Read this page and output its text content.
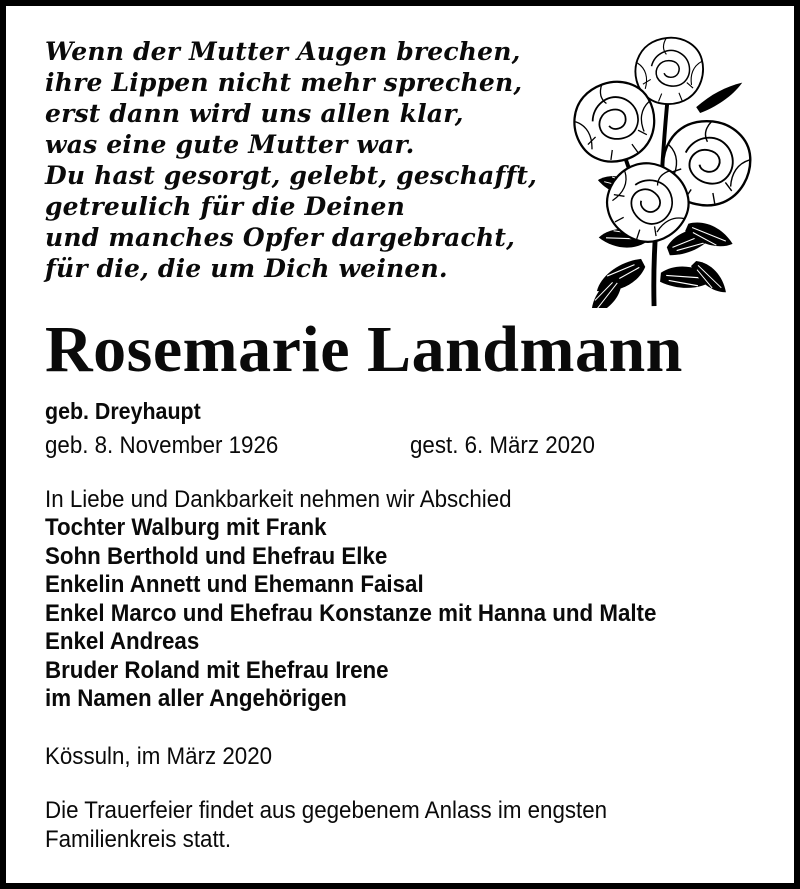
Wenn der Mutter Augen brechen,
ihre Lippen nicht mehr sprechen,
erst dann wird uns allen klar,
was eine gute Mutter war.
Du hast gesorgt, gelebt, geschafft,
getreulich für die Deinen
und manches Opfer dargebracht,
für die, die um Dich weinen.
Rosemarie Landmann
geb. Dreyhaupt
geb. 8. November 1926	gest. 6. März 2020
In Liebe und Dankbarkeit nehmen wir Abschied
Tochter Walburg mit Frank
Sohn Berthold und Ehefrau Elke
Enkelin Annett und Ehemann Faisal
Enkel Marco und Ehefrau Konstanze mit Hanna und Malte
Enkel Andreas
Bruder Roland mit Ehefrau Irene
im Namen aller Angehörigen
Kössuln, im März 2020
Die Trauerfeier findet aus gegebenem Anlass im engsten
Familienkreis statt.
